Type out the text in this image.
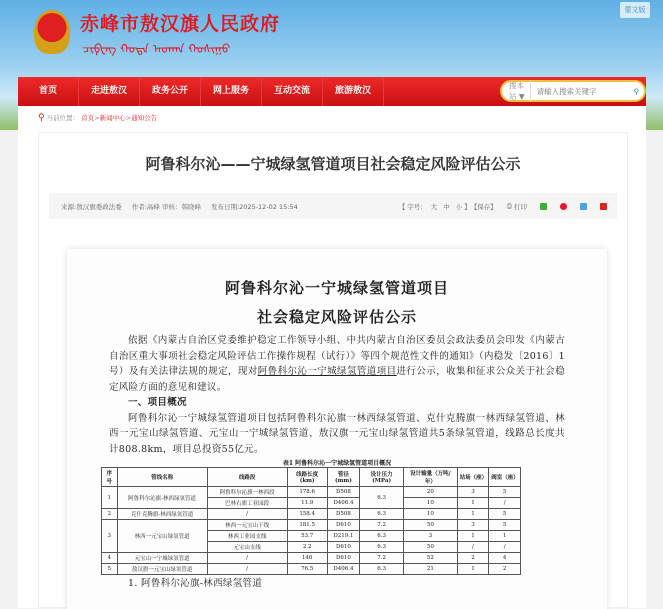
赤峰市敖汉旗人民政府
ᠴᠢᠹᠧᠩ ᠬᠣᠲᠠ ᠠᠤᠬᠠᠨ ᠬᠣᠰᠢᠭᠤ
蒙文版
首页	走进敖汉	政务公开	网上服务	互动交流	旅游敖汉
搜本站 ▼
请输入搜索关键字
⚲
⚲ 当前位置： 首页>新闻中心>通知公告
阿鲁科尔沁——宁城绿氢管道项目社会稳定风险评估公示
来源:敖汉旗委政法委 作者:高峰 审核：韩晓峰 发布日期:2025-12-02 15:54	【 字号： 大 中 小 】 【保存】 ⎙ 打印
阿鲁科尔沁一宁城绿氢管道项目
社会稳定风险评估公示
依据《内蒙古自治区党委维护稳定工作领导小组、中共内蒙古自治区委员会政法委员会印发《内蒙古自治区重大事项社会稳定风险评估工作操作规程（试行）》等四个规范性文件的通知》（内稳发〔2016〕1号）及有关法律法规的规定，现对阿鲁科尔沁一宁城绿氢管道项目进行公示，收集和征求公众关于社会稳定风险方面的意见和建议。
一、项目概况
阿鲁科尔沁一宁城绿氢管道项目包括阿鲁科尔沁旗一林西绿氢管道、克什克腾旗一林西绿氢管道、林西一元宝山绿氢管道、元宝山一宁城绿氢管道、敖汉旗一元宝山绿氢管道共5条绿氢管道，线路总长度共计808.8km，项目总投资55亿元。
表1 阿鲁科尔沁一宁城绿氢管道项目概况
序号	管线名称	线路段	线路长度(km)	管径(mm)	设计压力(MPa)	设计输量（万吨/年）	站场（座）	阀室（座）
1	阿鲁科尔沁旗-林西绿氢管道	阿鲁科尔沁旗一林西段	178.6	D508	6.3	20	3	5
		巴林右旗工业园段	11.9	D406.4		10	1	/
2	克什克腾旗-林西绿氢管道	/	158.4	D508	6.3	10	1	5
3	林西一元宝山绿氢管道	林西一元宝山干线	181.5	D610	7.2	50	3	5
		林西工业园支线	53.7	D219.1	6.3	3	1	1
		元宝山支线	2.2	D610	6.3	50	/	/
4	元宝山一宁城绿氢管道	/	146	D610	7.2	52	2	4
5	敖汉旗一元宝山绿氢管道	/	76.5	D406.4	6.3	21	1	2
1. 阿鲁科尔沁旗-林西绿氢管道
